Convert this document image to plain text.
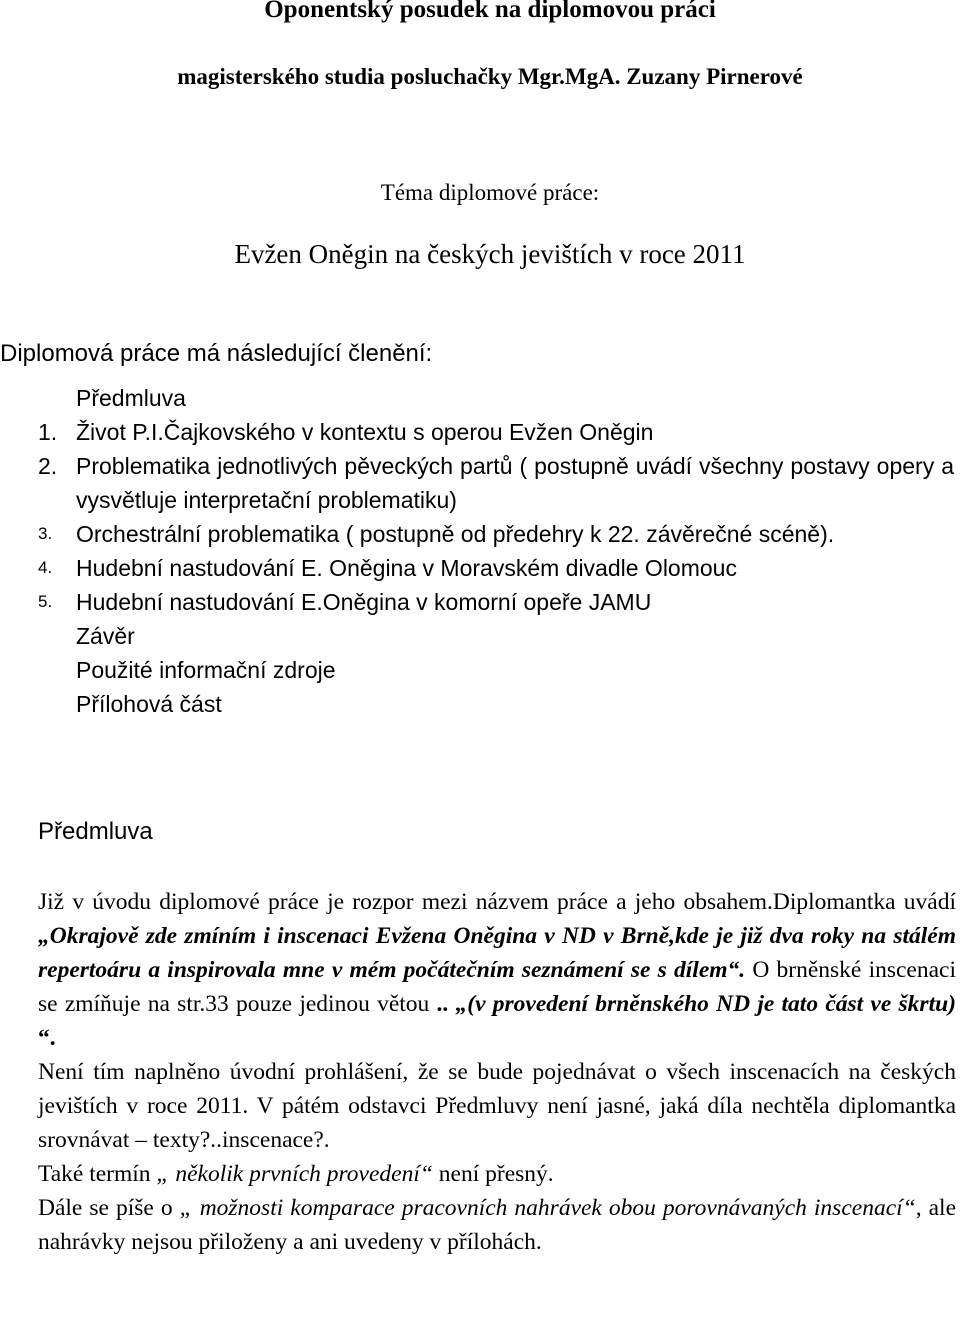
Oponentský posudek na diplomovou práci
magisterského studia posluchačky Mgr.MgA. Zuzany Pirnerové
Téma diplomové práce:
Evžen Oněgin na českých jevištích v roce 2011
Diplomová práce má následující členění:
Předmluva
1. Život P.I.Čajkovského v kontextu s operou Evžen Oněgin
2. Problematika jednotlivých pěveckých partů ( postupně uvádí všechny postavy opery a vysvětluje interpretační problematiku)
3.	Orchestrální problematika ( postupně od předehry k 22. závěrečné scéně).
4.	Hudební nastudování E. Oněgina v Moravském divadle Olomouc
5.	Hudební nastudování E.Oněgina v komorní opeře JAMU
Závěr
Použité informační zdroje
Přílohová část
Předmluva

Již v úvodu diplomové práce je rozpor mezi názvem práce a jeho obsahem.Diplomantka uvádí „Okrajově zde zmíním i inscenaci Evžena Oněgina v ND v Brně,kde je již dva roky na stálém repertoáru a inspirovala mne v mém počátečním seznámení se s dílem“. O brněnské inscenaci se zmíňuje na str.33 pouze jedinou větou .. „(v provedení brněnského ND je tato část ve škrtu) “.

Není tím naplněno úvodní prohlášení, že se bude pojednávat o všech inscenacích na českých jevištích v roce 2011. V pátém odstavci Předmluvy není jasné, jaká díla nechtěla diplomantka srovnávat – texty?..inscenace?.

Také termín „ několik prvních provedení“ není přesný.

Dále se píše o „ možnosti komparace pracovních nahrávek obou porovnávaných inscenací“, ale nahrávky nejsou přiloženy a ani uvedeny v přílohách.
